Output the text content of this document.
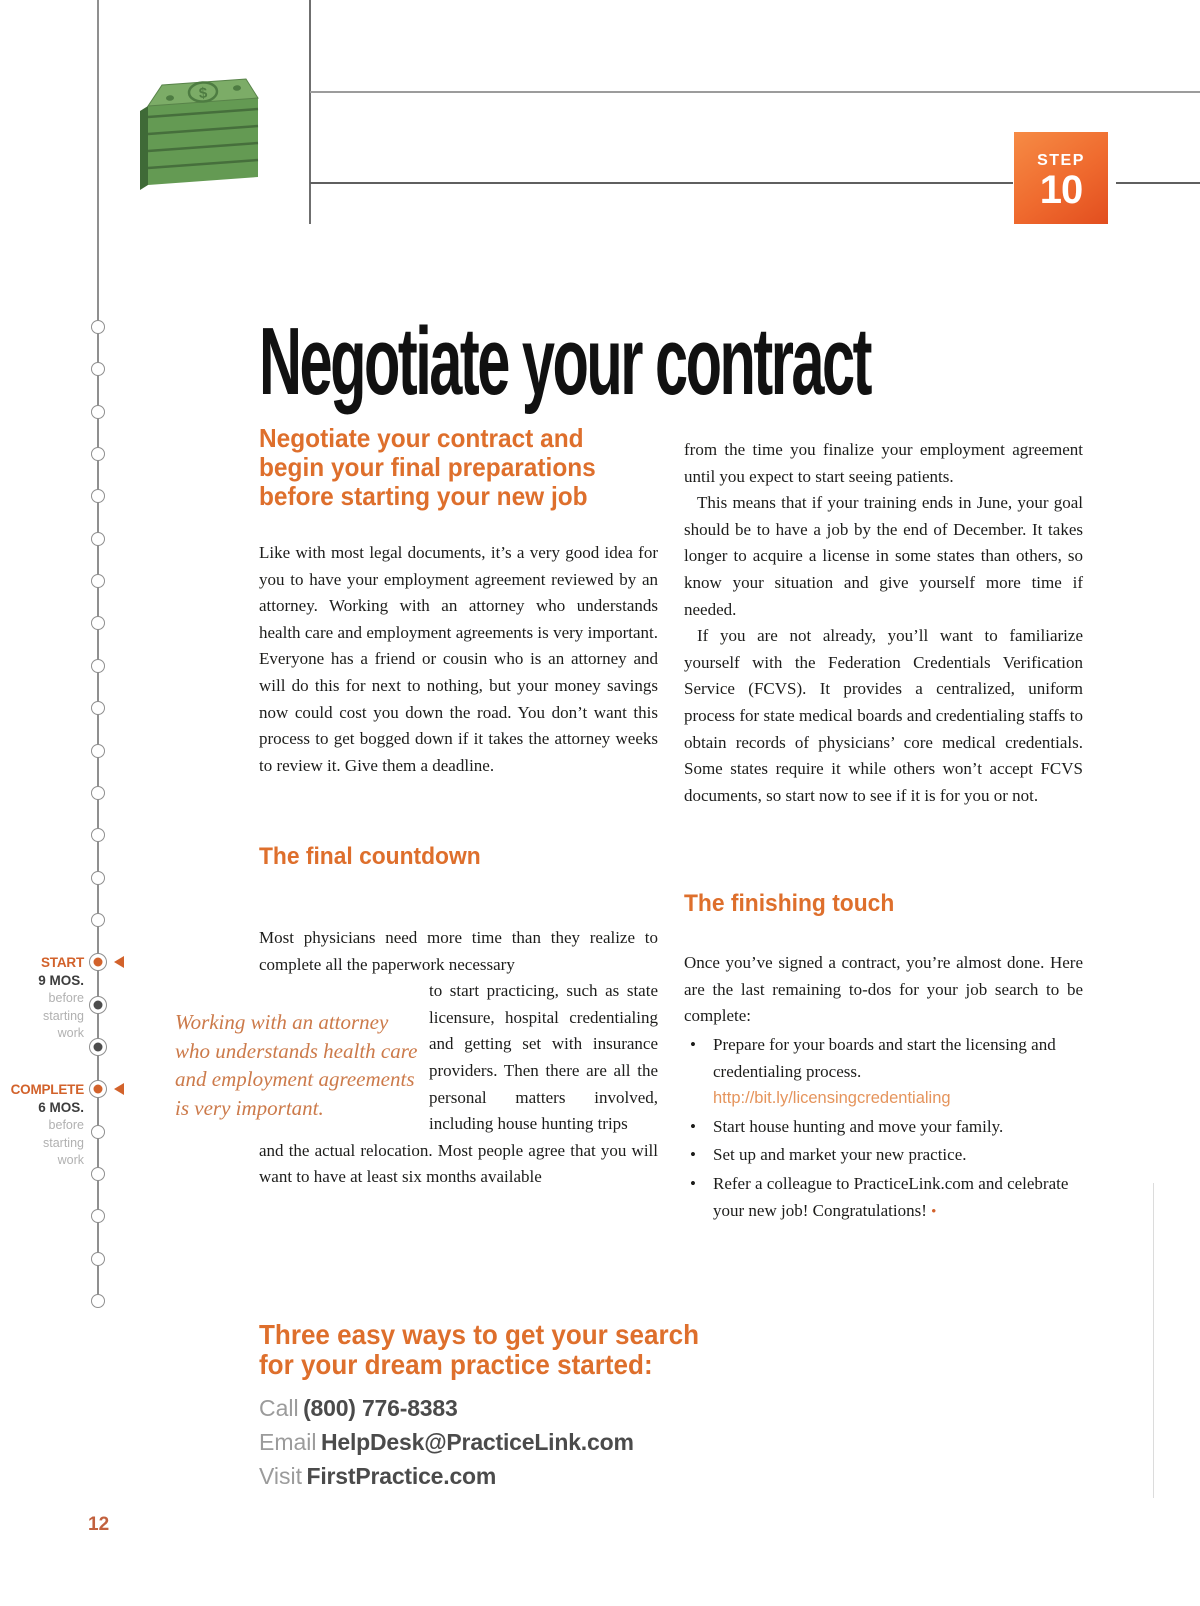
$
STEP
10
START
9 MOS.
before
starting
work
COMPLETE
6 MOS.
before
starting
work
Negotiate your contract
Negotiate your contract and
begin your final preparations
before starting your new job

Like with most legal documents, it’s a very good idea for you to have your employment agreement reviewed by an attorney. Working with an attorney who understands health care and employment agreements is very important. Everyone has a friend or cousin who is an attorney and will do this for next to nothing, but your money savings now could cost you down the road. You don’t want this process to get bogged down if it takes the attorney weeks to review it. Give them a deadline.

The final countdown

Most physicians need more time than they realize to complete all the paperwork necessary

to start practicing, such as state licensure, hospital credentialing and getting set with insurance providers. Then there are all the personal matters involved, including house hunting trips

and the actual relocation. Most people agree that you will want to have at least six months available

Working with an attorney who understands health care and employment agreements is very important.

from the time you finalize your employment agreement until you expect to start seeing patients.

This means that if your training ends in June, your goal should be to have a job by the end of December. It takes longer to acquire a license in some states than others, so know your situation and give yourself more time if needed.

If you are not already, you’ll want to familiarize yourself with the Federation Credentials Verification Service (FCVS). It provides a centralized, uniform process for state medical boards and credentialing staffs to obtain records of physicians’ core medical credentials. Some states require it while others won’t accept FCVS documents, so start now to see if it is for you or not.

The finishing touch

Once you’ve signed a contract, you’re almost done. Here are the last remaining to-dos for your job search to be complete:

• Prepare for your boards and start the licensing and credentialing process.
http://bit.ly/licensingcredentialing
• Start house hunting and move your family.
• Set up and market your new practice.
• Refer a colleague to PracticeLink.com and celebrate your new job! Congratulations! •
Three easy ways to get your search
for your dream practice started:
Call (800) 776-8383
Email HelpDesk@PracticeLink.com
Visit FirstPractice.com
12
